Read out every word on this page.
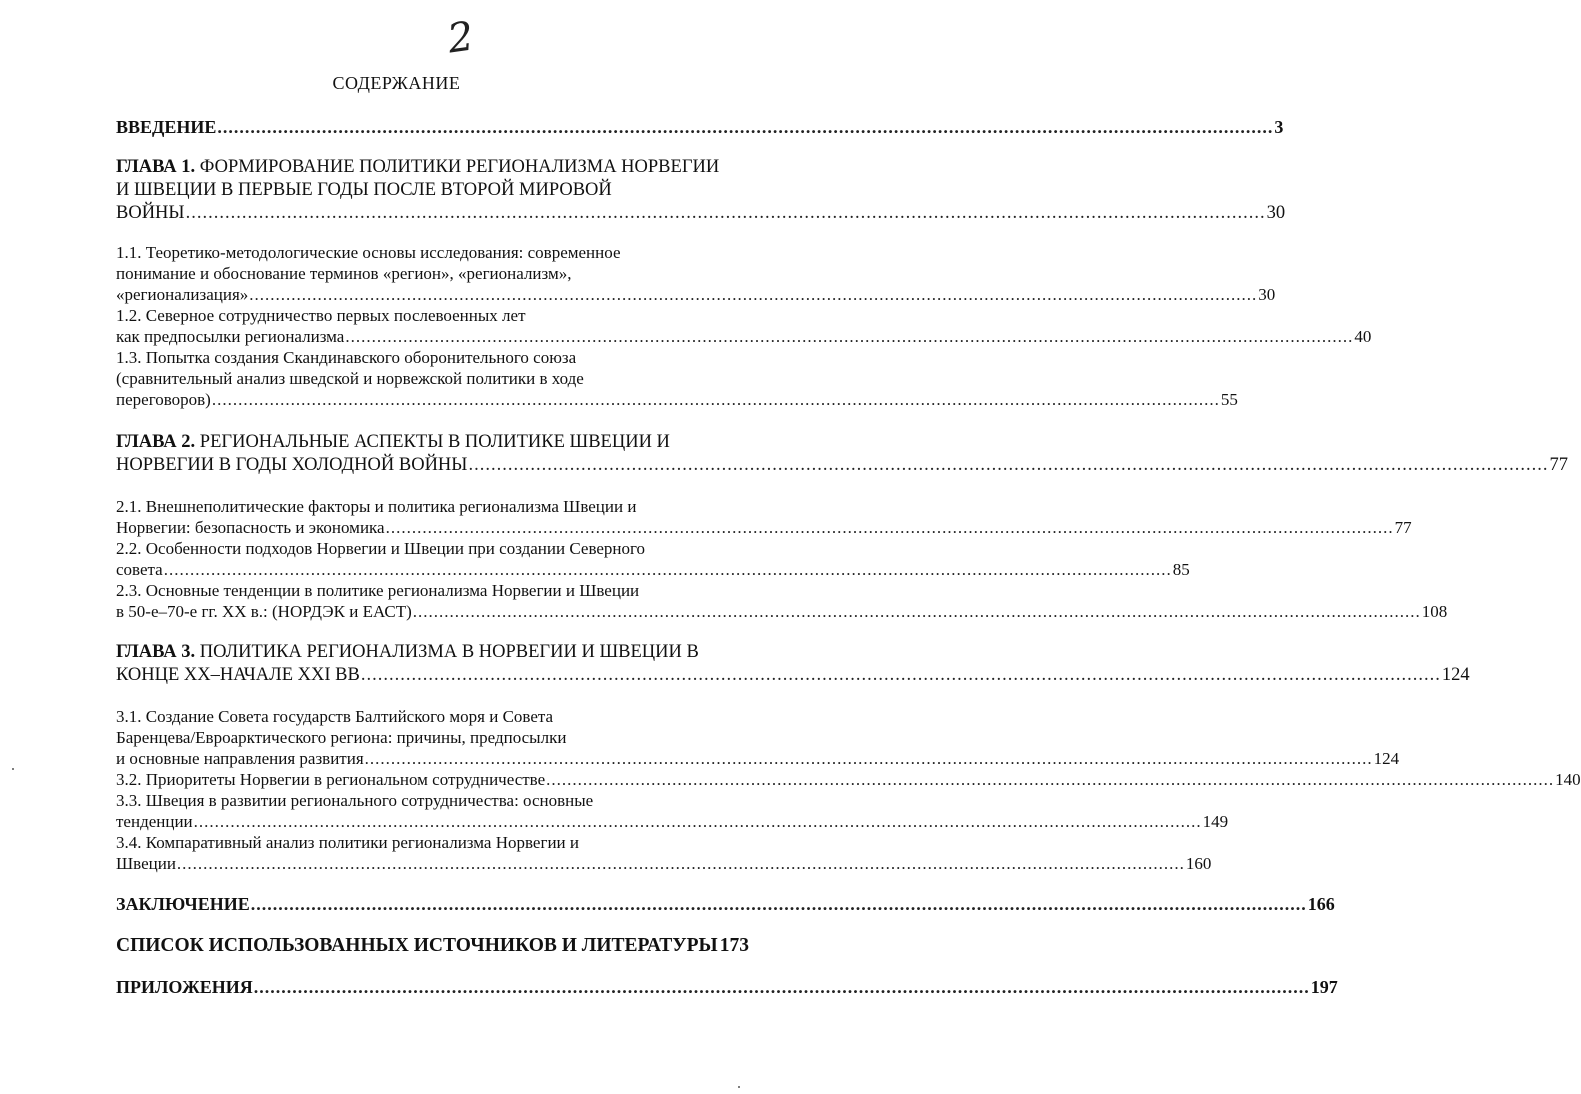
2
СОДЕРЖАНИЕ
ВВЕДЕНИЕ ................................................................................................................................................................................................ 3
ГЛАВА 1. ФОРМИРОВАНИЕ ПОЛИТИКИ РЕГИОНАЛИЗМА НОРВЕГИИ
И ШВЕЦИИ В ПЕРВЫЕ ГОДЫ ПОСЛЕ ВТОРОЙ МИРОВОЙ
ВОЙНЫ ................................................................................................................................................................................................ 30
1.1. Теоретико-методологические основы исследования: современное
понимание и обоснование терминов «регион», «регионализм»,
«регионализация» ................................................................................................................................................................................................ 30
1.2. Северное сотрудничество первых послевоенных лет
как предпосылки регионализма ................................................................................................................................................................................................ 40
1.3. Попытка создания Скандинавского оборонительного союза
(сравнительный анализ шведской и норвежской политики в ходе
переговоров) ................................................................................................................................................................................................ 55
ГЛАВА 2. РЕГИОНАЛЬНЫЕ АСПЕКТЫ В ПОЛИТИКЕ ШВЕЦИИ И
НОРВЕГИИ В ГОДЫ ХОЛОДНОЙ ВОЙНЫ ................................................................................................................................................................................................ 77
2.1. Внешнеполитические факторы и политика регионализма Швеции и
Норвегии: безопасность и экономика ................................................................................................................................................................................................ 77
2.2. Особенности подходов Норвегии и Швеции при создании Северного
совета ................................................................................................................................................................................................ 85
2.3. Основные тенденции в политике регионализма Норвегии и Швеции
в 50-е–70-е гг. XX в.: (НОРДЭК и ЕАСТ) ................................................................................................................................................................................................ 108
ГЛАВА 3. ПОЛИТИКА РЕГИОНАЛИЗМА В НОРВЕГИИ И ШВЕЦИИ В
КОНЦЕ XX–НАЧАЛЕ XXI ВВ ................................................................................................................................................................................................ 124
3.1. Создание Совета государств Балтийского моря и Совета
Баренцева/Евроарктического региона: причины, предпосылки
и основные направления развития ................................................................................................................................................................................................ 124
3.2. Приоритеты Норвегии в региональном сотрудничестве ................................................................................................................................................................................................ 140
3.3. Швеция в развитии регионального сотрудничества: основные
тенденции ................................................................................................................................................................................................ 149
3.4. Компаративный анализ политики регионализма Норвегии и
Швеции ................................................................................................................................................................................................ 160
ЗАКЛЮЧЕНИЕ ................................................................................................................................................................................................ 166
СПИСОК ИСПОЛЬЗОВАННЫХ ИСТОЧНИКОВ И ЛИТЕРАТУРЫ 173
ПРИЛОЖЕНИЯ ................................................................................................................................................................................................ 197
